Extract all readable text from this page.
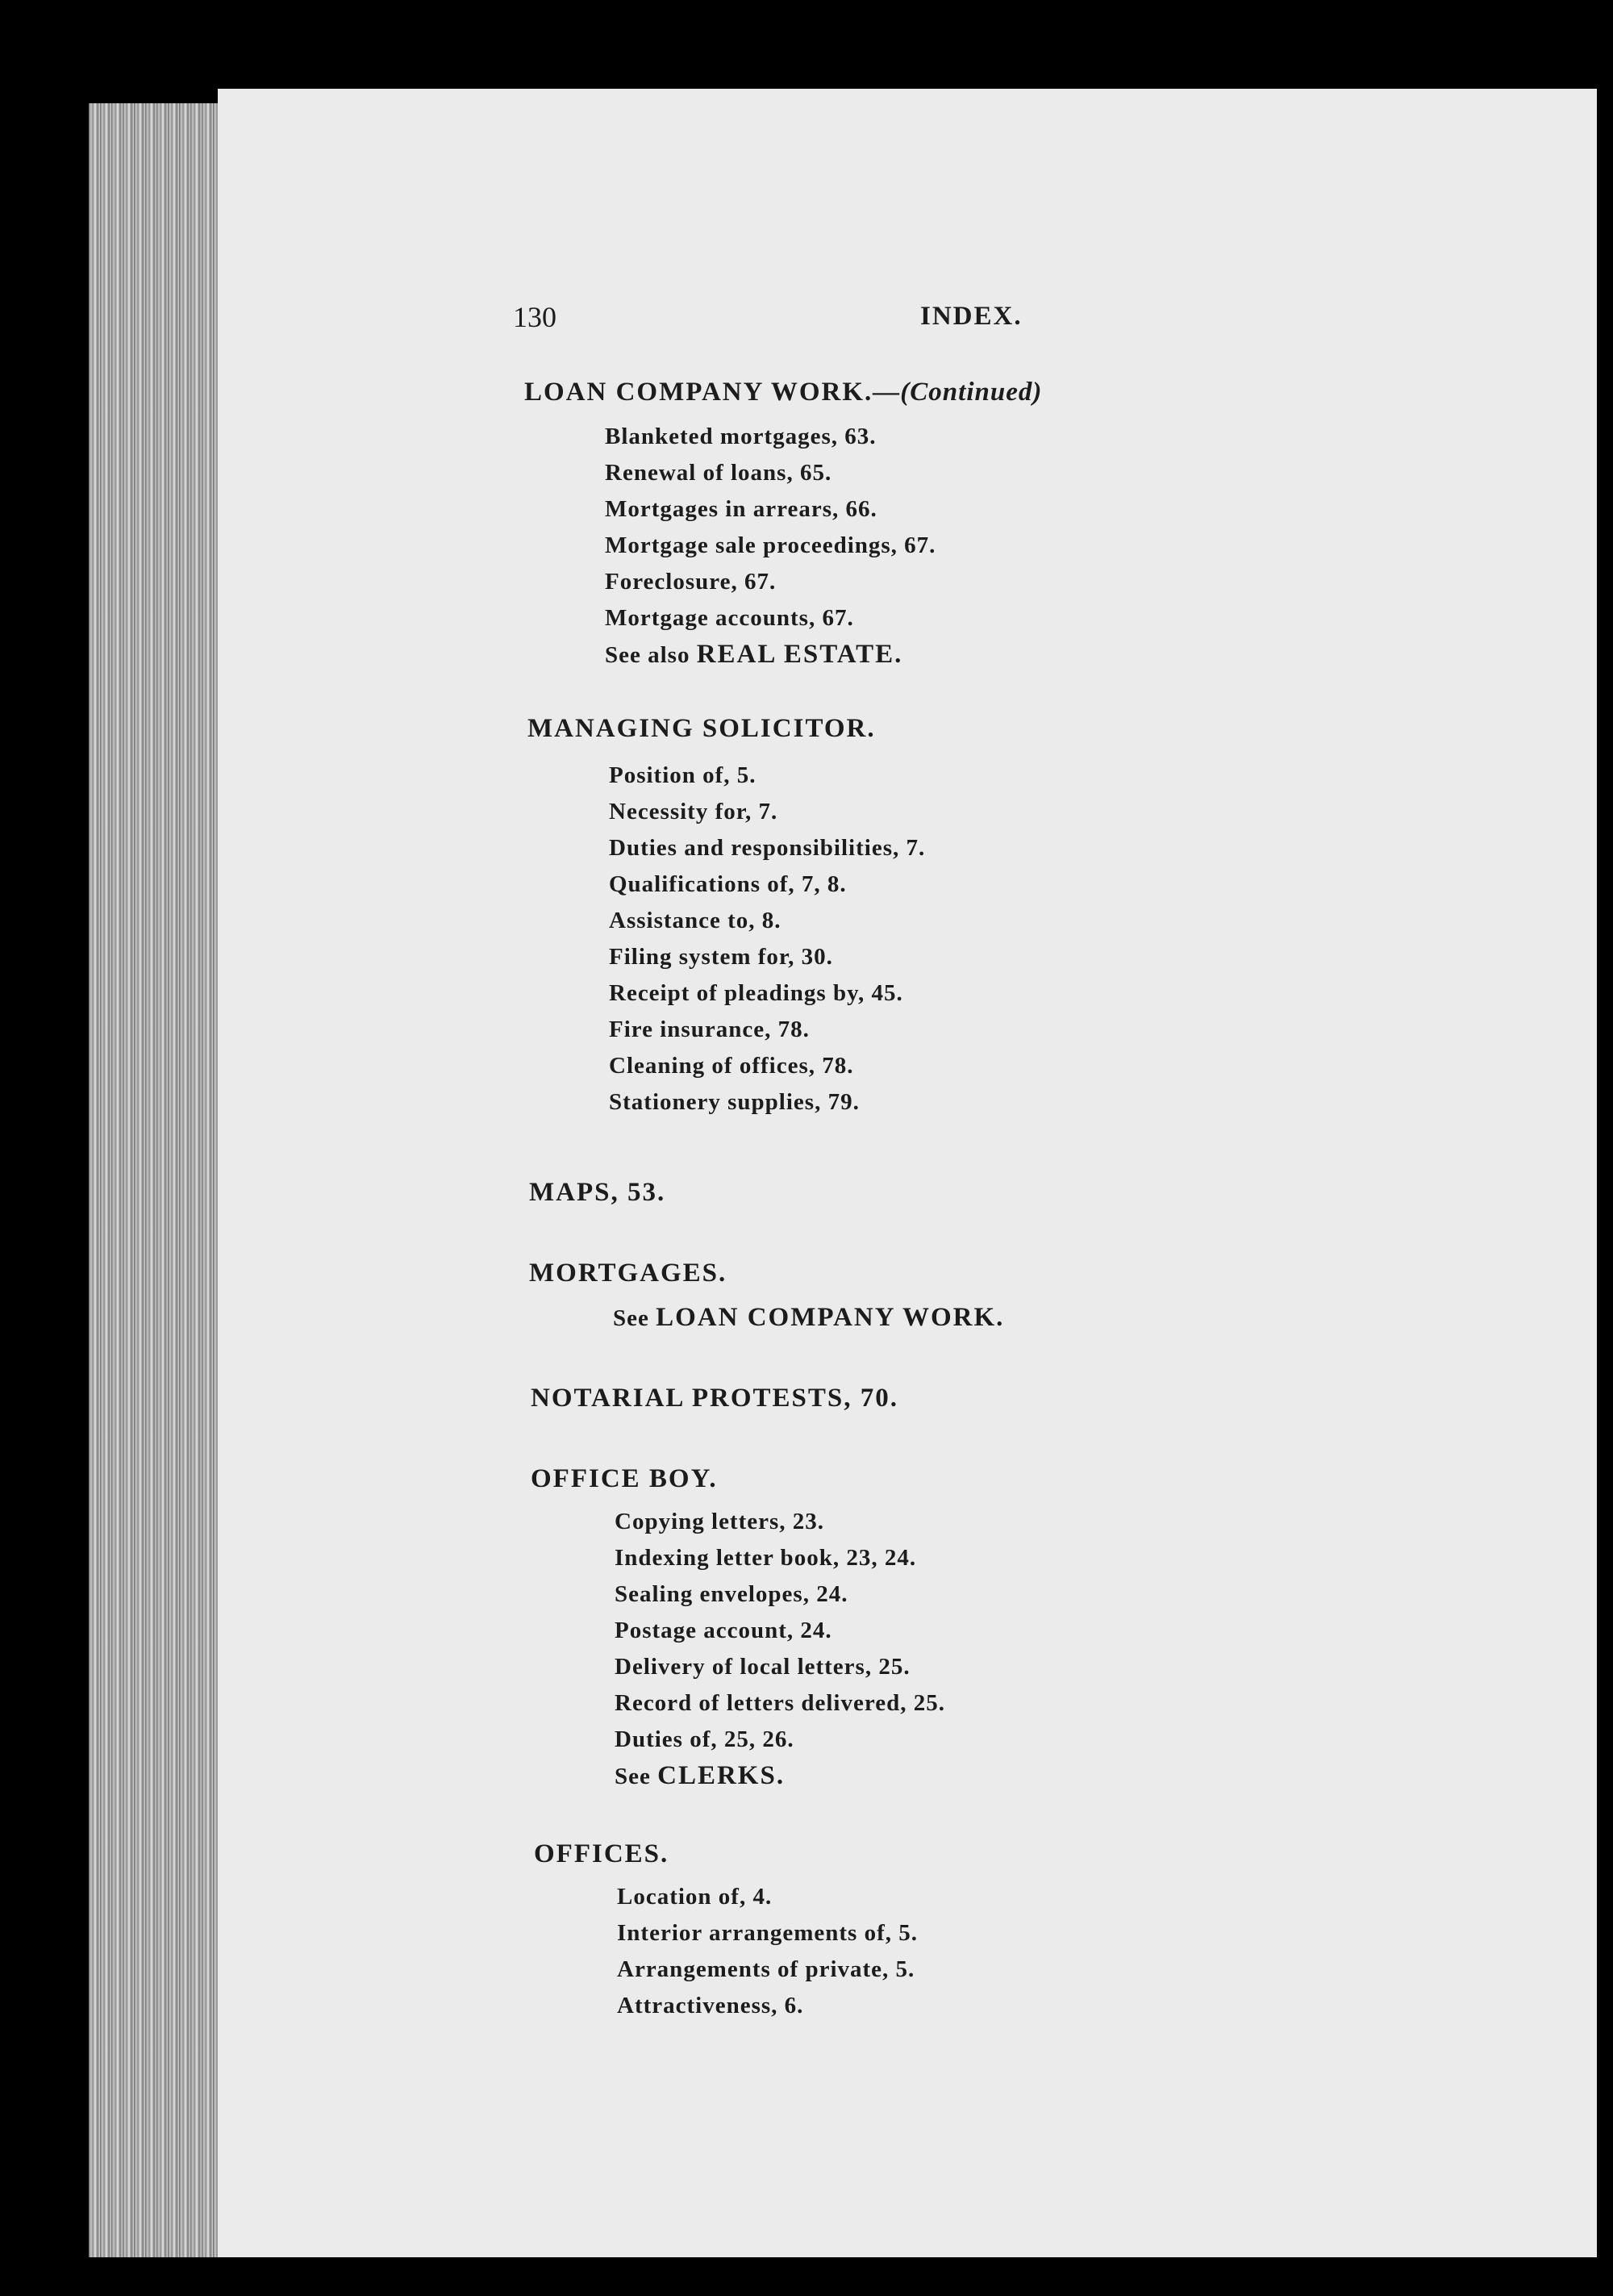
130	INDEX.
LOAN COMPANY WORK.—(Continued)
Blanketed mortgages, 63.
Renewal of loans, 65.
Mortgages in arrears, 66.
Mortgage sale proceedings, 67.
Foreclosure, 67.
Mortgage accounts, 67.
See also REAL ESTATE.
MANAGING SOLICITOR.
Position of, 5.
Necessity for, 7.
Duties and responsibilities, 7.
Qualifications of, 7, 8.
Assistance to, 8.
Filing system for, 30.
Receipt of pleadings by, 45.
Fire insurance, 78.
Cleaning of offices, 78.
Stationery supplies, 79.
MAPS, 53.
MORTGAGES.
See LOAN COMPANY WORK.
NOTARIAL PROTESTS, 70.
OFFICE BOY.
Copying letters, 23.
Indexing letter book, 23, 24.
Sealing envelopes, 24.
Postage account, 24.
Delivery of local letters, 25.
Record of letters delivered, 25.
Duties of, 25, 26.
See CLERKS.
OFFICES.
Location of, 4.
Interior arrangements of, 5.
Arrangements of private, 5.
Attractiveness, 6.
